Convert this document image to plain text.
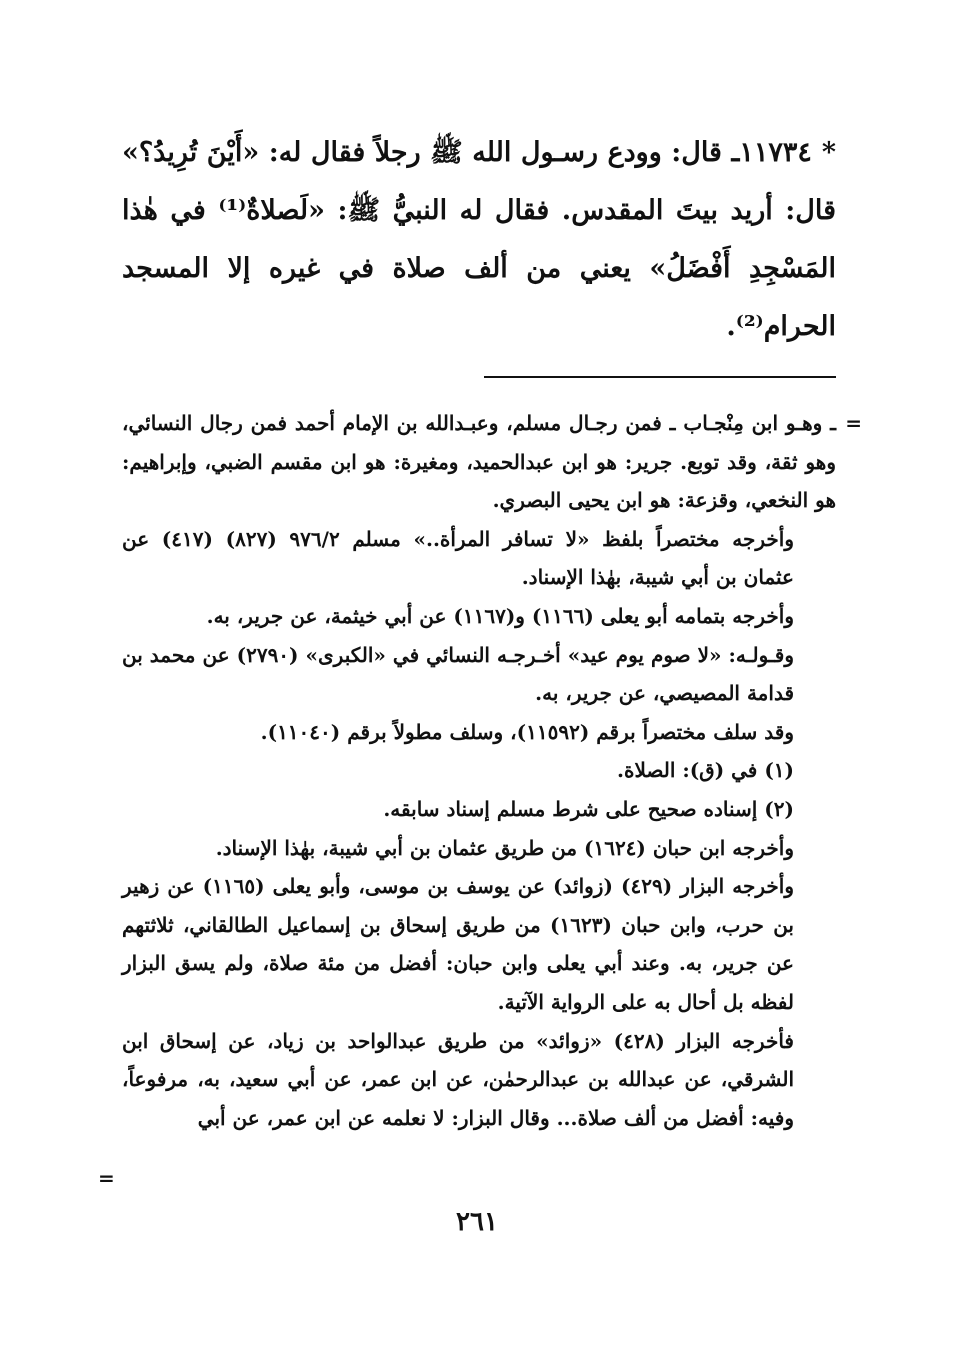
*١١٧٣٤ـ قال: وودع رسـول الله ﷺ رجلاً فقال له: «أَيْنَ تُرِيدُ؟» قال: أريد بيتَ المقدس. فقال له النبيُّ ﷺ: «لَصلاةٌ⁽¹⁾ في هٰذا المَسْجِدِ أَفْضَلُ» يعني من ألف صلاة في غيره إلا المسجد الحرام⁽²⁾.

=

ـ وهـو ابن مِنْجـاب ـ فمن رجـال مسلم، وعبـدالله بن الإمام أحمد فمن رجال النسائي، وهو ثقة، وقد توبع. جرير: هو ابن عبدالحميد، ومغيرة: هو ابن مقسم الضبي، وإبراهيم: هو النخعي، وقزعة: هو ابن يحيى البصري.

وأخرجه مختصراً بلفظ «لا تسافر المرأة..» مسلم ٩٧٦/٢ (٨٢٧) (٤١٧) عن عثمان بن أبي شيبة، بهٰذا الإسناد.

وأخرجه بتمامه أبو يعلى (١١٦٦) و(١١٦٧) عن أبي خيثمة، عن جرير، به.

وقـولـه: «لا صوم يوم عيد» أخـرجـه النسائي في «الكبرى» (٢٧٩٠) عن محمد بن قدامة المصيصي، عن جرير، به.

وقد سلف مختصراً برقم (١١٥٩٢)، وسلف مطولاً برقم (١١٠٤٠).

(١) في (ق): الصلاة.

(٢) إسناده صحيح على شرط مسلم إسناد سابقه.

وأخرجه ابن حبان (١٦٢٤) من طريق عثمان بن أبي شيبة، بهٰذا الإسناد.

وأخرجه البزار (٤٢٩) (زوائد) عن يوسف بن موسى، وأبو يعلى (١١٦٥) عن زهير بن حرب، وابن حبان (١٦٢٣) من طريق إسحاق بن إسماعيل الطالقاني، ثلاثتهم عن جرير، به. وعند أبي يعلى وابن حبان: أفضل من مئة صلاة، ولم يسق البزار لفظه بل أحال به على الرواية الآتية.

فأخرجه البزار (٤٢٨) «زوائد» من طريق عبدالواحد بن زياد، عن إسحاق ابن الشرقي، عن عبدالله بن عبدالرحمٰن، عن ابن عمر، عن أبي سعيد، به، مرفوعاً، وفيه: أفضل من ألف صلاة... وقال البزار: لا نعلمه عن ابن عمر، عن أبي

=
٢٦١
